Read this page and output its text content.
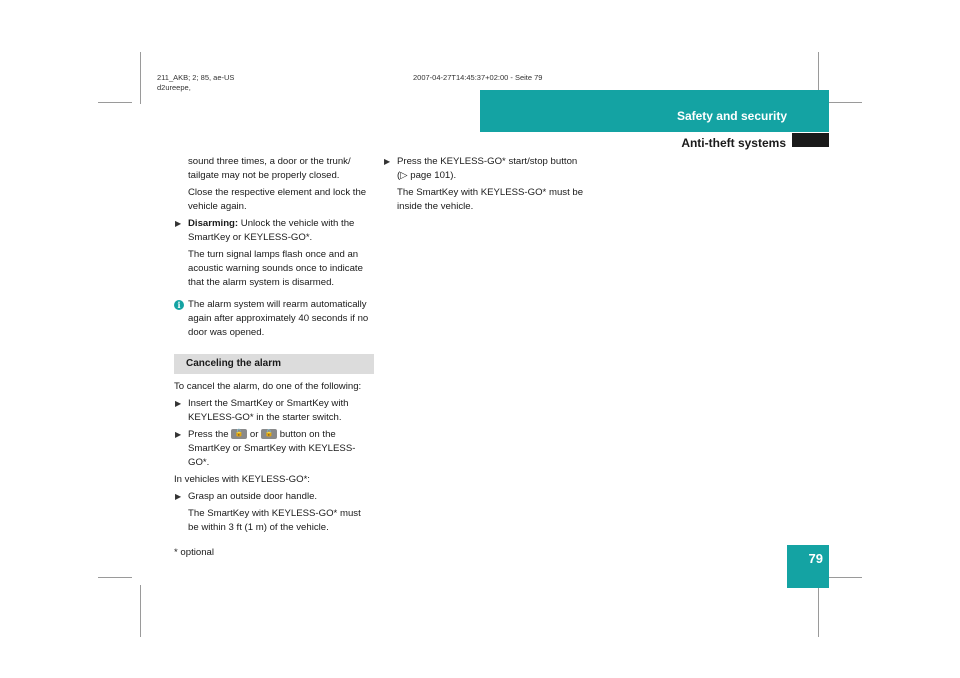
211_AKB; 2; 85, ae-US
d2ureepe,
2007-04-27T14:45:37+02:00 - Seite 79
Safety and security
Anti-theft systems

sound three times, a door or the trunk/ tailgate may not be properly closed.

Close the respective element and lock the vehicle again.

▶ Disarming: Unlock the vehicle with the SmartKey or KEYLESS-GO*.

The turn signal lamps flash once and an acoustic warning sounds once to indicate that the alarm system is disarmed.

i The alarm system will rearm automatically again after approximately 40 seconds if no door was opened.

Canceling the alarm

To cancel the alarm, do one of the following:

▶ Insert the SmartKey or SmartKey with KEYLESS-GO* in the starter switch.

▶ Press the 🔓 or 🔒 button on the SmartKey or SmartKey with KEYLESS-GO*.

In vehicles with KEYLESS-GO*:

▶ Grasp an outside door handle.

The SmartKey with KEYLESS-GO* must be within 3 ft (1 m) of the vehicle.

▶ Press the KEYLESS-GO* start/stop button (▷ page 101).

The SmartKey with KEYLESS-GO* must be inside the vehicle.

* optional	79
